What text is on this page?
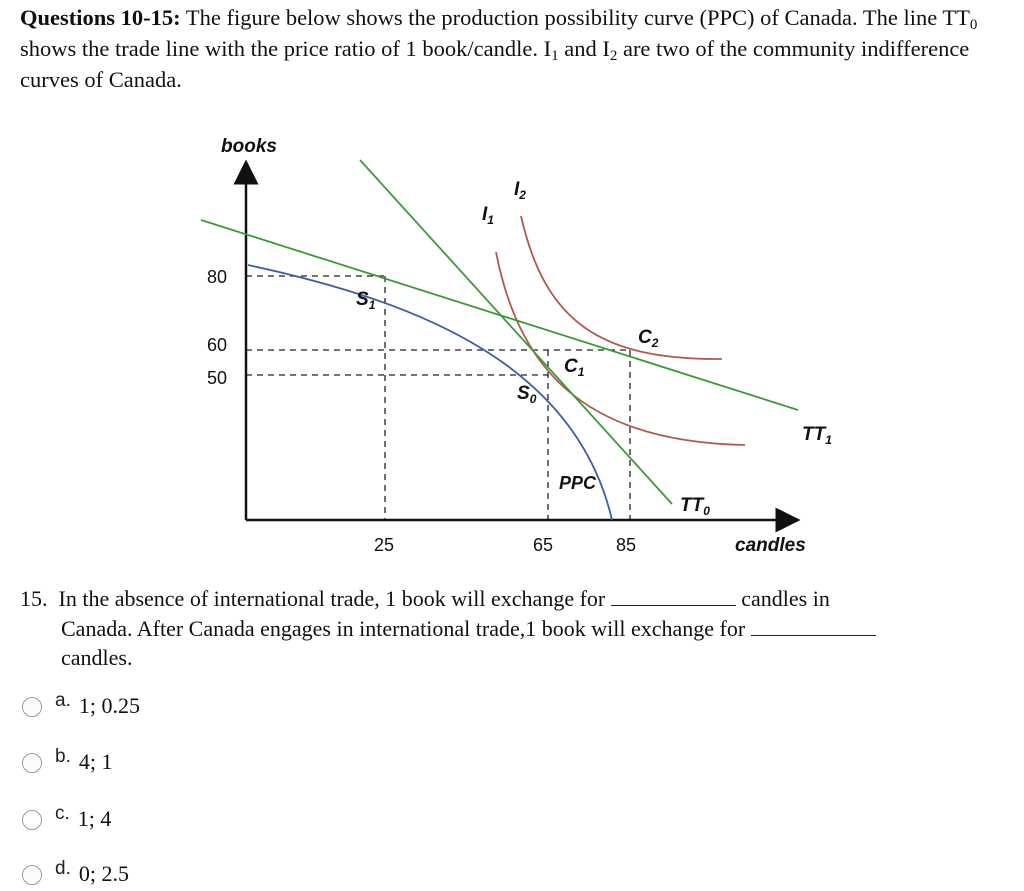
Questions 10-15: The figure below shows the production possibility curve (PPC) of Canada. The line $TT_0$ shows the trade line with the price ratio of 1 book/candle. $I_1$ and $I_2$ are two of the community indifference curves of Canada.
books
candles
80
60
50
25	65	85
$I_1$
$I_2$
$S_1$
$S_0$
$C_1$
$C_2$
PPC
$TT_0$
$TT_1$
15. In the absence of international trade, 1 book will exchange for	candles in
Canada. After Canada engages in international trade,1 book will exchange for
candles.
a. 1; 0.25
b. 4; 1
c. 1; 4
d. 0; 2.5
